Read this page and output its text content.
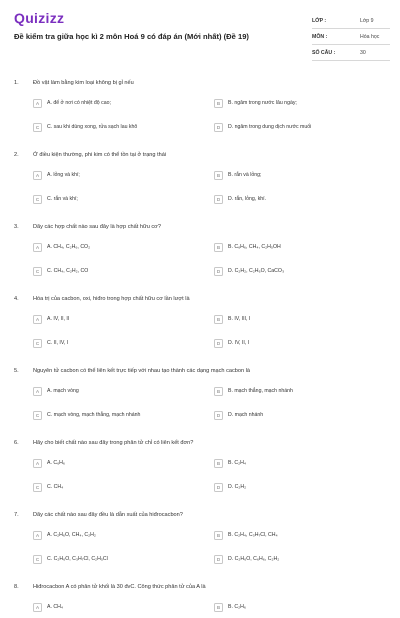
Quizizz
Đề kiểm tra giữa học kì 2 môn Hoá 9 có đáp án (Mới nhất) (Đề 19)
LỚP :	Lớp 9
MÔN :	Hóa học
SỐ CÂU :	30
1.	Đồ vật làm bằng kim loại không bị gỉ nếu
A	A. để ở nơi có nhiệt độ cao;	B	B. ngâm trong nước lâu ngày;
C	C. sau khi dùng xong, rửa sạch lau khô	D	D. ngâm trong dung dịch nước muối
2.	Ở điều kiện thường, phi kim có thể tồn tại ở trạng thái
A	A. lỏng và khí;	B	B. rắn và lỏng;
C	C. rắn và khí;	D	D. rắn, lỏng, khí.
3.	Dãy các hợp chất nào sau đây là hợp chất hữu cơ?
A	A. CH₄, C₂H₆, CO₂	B	B. C₆H₆, CH₄, C₂H₅OH
C	C. CH₄, C₂H₂, CO	D	D. C₂H₂, C₂H₆O, CaCO₃
4.	Hóa trị của cacbon, oxi, hiđro trong hợp chất hữu cơ lần lượt là
A	A. IV, II, II	B	B. IV, III, I
C	C. II, IV, I	D	D. IV, II, I
5.	Nguyên tử cacbon có thể liên kết trực tiếp với nhau tạo thành các dạng mạch cacbon là
A	A. mạch vòng	B	B. mạch thẳng, mạch nhánh
C	C. mạch vòng, mạch thẳng, mạch nhánh	D	D. mạch nhánh
6.	Hãy cho biết chất nào sau đây trong phân tử chỉ có liên kết đơn?
A	A. C₆H₆	B	B. C₂H₄
C	C. CH₄	D	D. C₂H₂
7.	Dãy các chất nào sau đây đều là dẫn xuất của hiđrocacbon?
A	A. C₂H₆O, CH₄, C₂H₂	B	B. C₂H₄, C₃H₇Cl, CH₄
C	C. C₂H₆O, C₃H₇Cl, C₂H₅Cl	D	D. C₂H₆O, C₆H₆, C₂H₂
8.	Hiđrocacbon A có phân tử khối là 30 đvC. Công thức phân tử của A là
A	A. CH₄	B	B. C₂H₆
